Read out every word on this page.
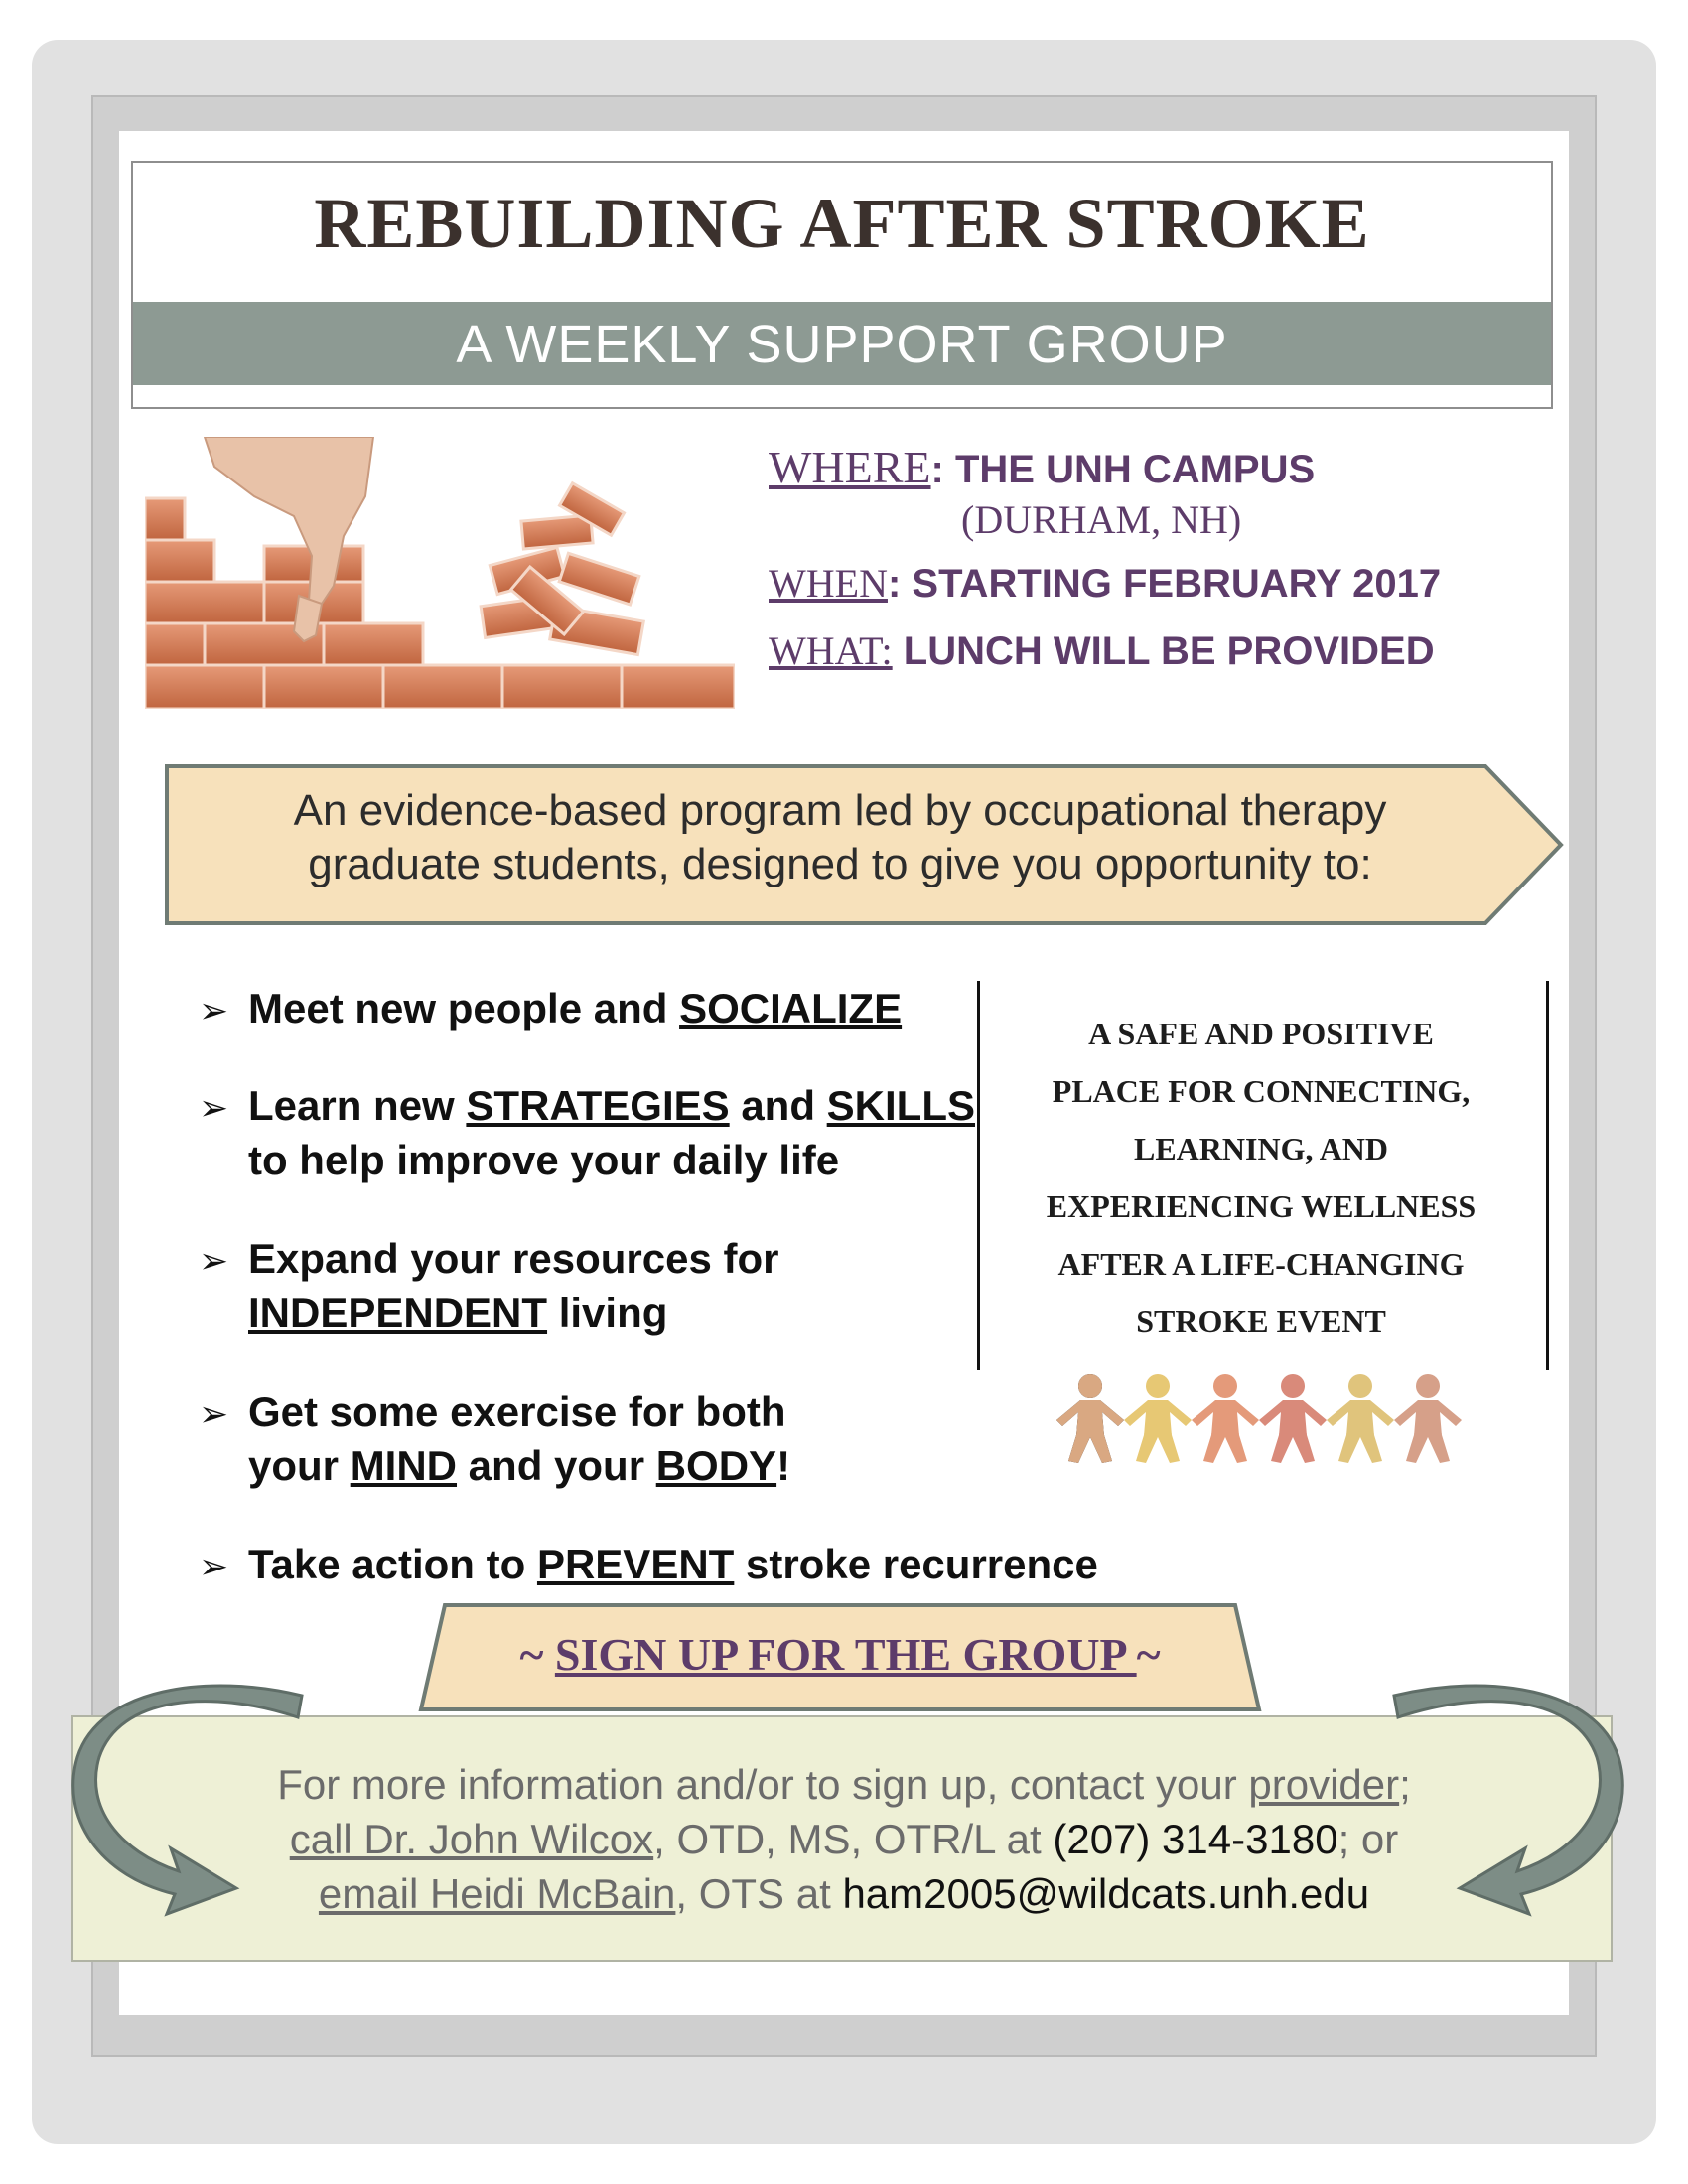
REBUILDING AFTER STROKE
A WEEKLY SUPPORT GROUP
WHERE: THE UNH CAMPUS
(DURHAM, NH)
WHEN: STARTING FEBRUARY 2017
WHAT: LUNCH WILL BE PROVIDED
An evidence-based program led by occupational therapy
graduate students, designed to give you opportunity to:
➢ Meet new people and SOCIALIZE
➢ Learn new STRATEGIES and SKILLS
to help improve your daily life
➢ Expand your resources for
INDEPENDENT living
➢ Get some exercise for both
your MIND and your BODY!
➢ Take action to PREVENT stroke recurrence
A SAFE AND POSITIVE
PLACE FOR CONNECTING,
LEARNING, AND
EXPERIENCING WELLNESS
AFTER A LIFE-CHANGING
STROKE EVENT
~ SIGN UP FOR THE GROUP ~
For more information and/or to sign up, contact your provider;
call Dr. John Wilcox, OTD, MS, OTR/L at (207) 314-3180; or
email Heidi McBain, OTS at ham2005@wildcats.unh.edu
